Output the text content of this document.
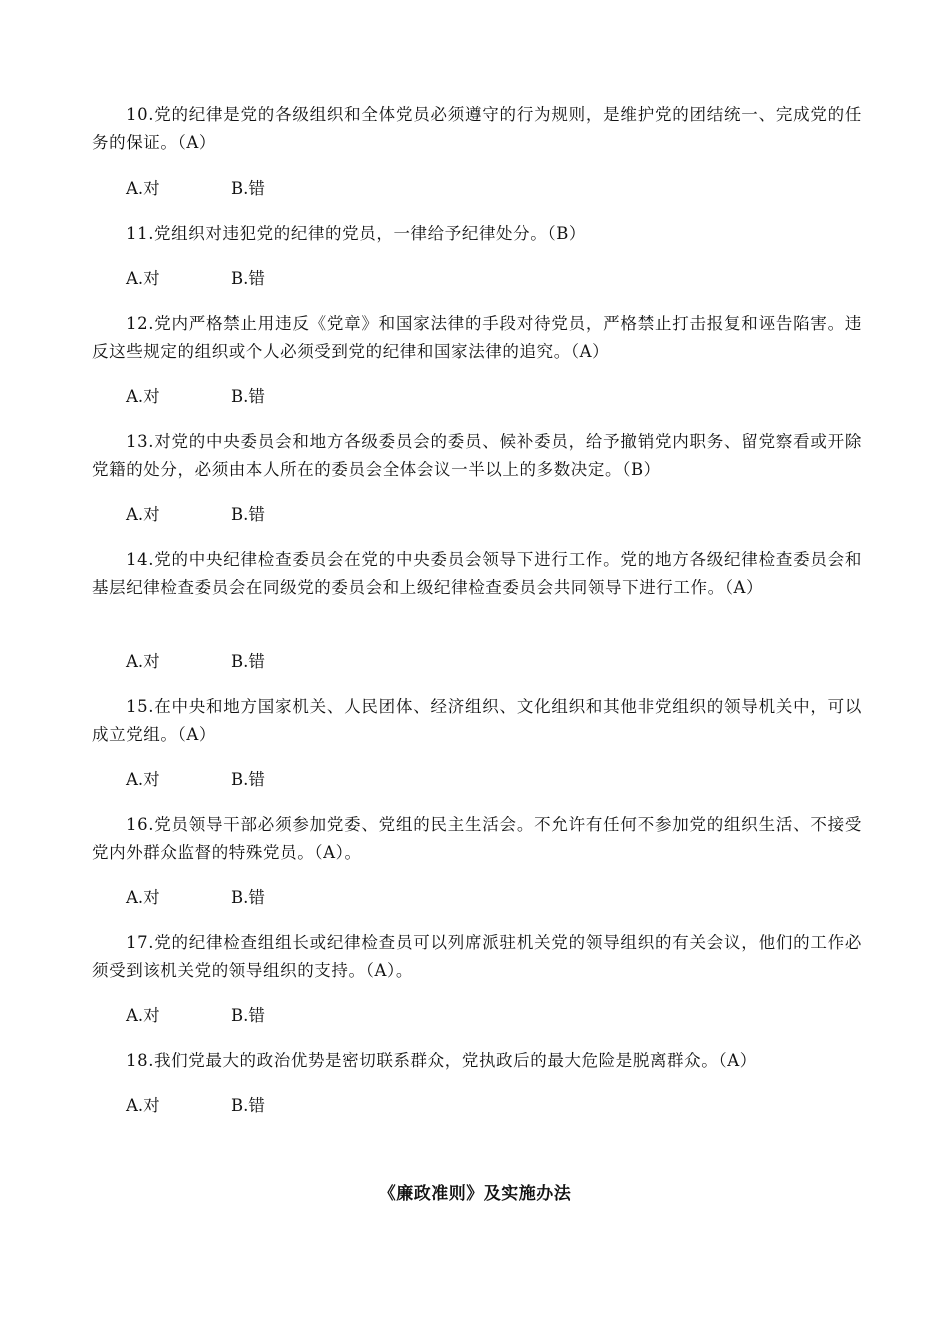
10.党的纪律是党的各级组织和全体党员必须遵守的行为规则，是维护党的团结统一、完成党的任务的保证。（A）
A.对	B.错
11.党组织对违犯党的纪律的党员，一律给予纪律处分。（B）
A.对	B.错
12.党内严格禁止用违反《党章》和国家法律的手段对待党员，严格禁止打击报复和诬告陷害。违反这些规定的组织或个人必须受到党的纪律和国家法律的追究。（A）
A.对	B.错
13.对党的中央委员会和地方各级委员会的委员、候补委员，给予撤销党内职务、留党察看或开除党籍的处分，必须由本人所在的委员会全体会议一半以上的多数决定。（B）
A.对	B.错
14.党的中央纪律检查委员会在党的中央委员会领导下进行工作。党的地方各级纪律检查委员会和基层纪律检查委员会在同级党的委员会和上级纪律检查委员会共同领导下进行工作。（A）
A.对	B.错
15.在中央和地方国家机关、人民团体、经济组织、文化组织和其他非党组织的领导机关中，可以成立党组。（A）
A.对	B.错
16.党员领导干部必须参加党委、党组的民主生活会。不允许有任何不参加党的组织生活、不接受党内外群众监督的特殊党员。（A）。
A.对	B.错
17.党的纪律检查组组长或纪律检查员可以列席派驻机关党的领导组织的有关会议，他们的工作必须受到该机关党的领导组织的支持。（A）。
A.对	B.错
18.我们党最大的政治优势是密切联系群众，党执政后的最大危险是脱离群众。（A）
A.对	B.错
《廉政准则》及实施办法
